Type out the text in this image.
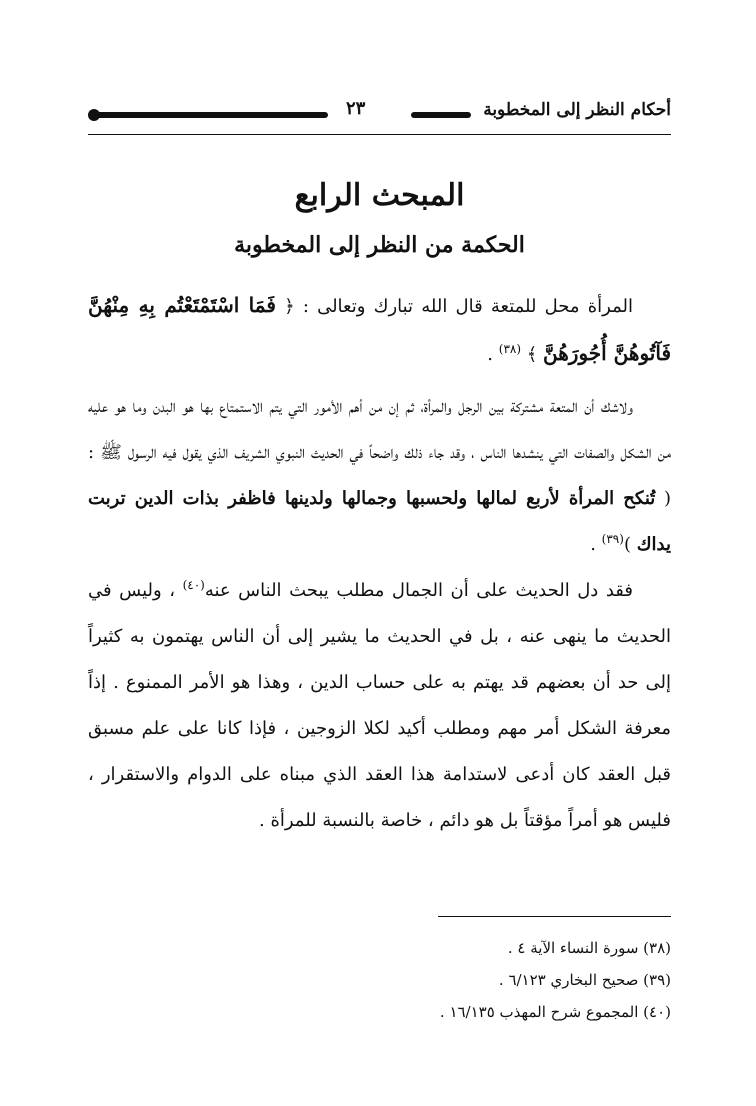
أحكام النظر إلى المخطوبة
٢٣
المبحث الرابع
الحكمة من النظر إلى المخطوبة

المرأة محل للمتعة قال الله تبارك وتعالى : ﴿ فَمَا اسْتَمْتَعْتُم بِهِ مِنْهُنَّ فَآتُوهُنَّ أُجُورَهُنَّ ﴾ $^{(٣٨)}$ .

ولاشك أن المتعة مشتركة بين الرجل والمرأة، ثم إن من أهم الأمور التي يتم الاستمتاع بها هو البدن وما هو عليه من الشكل والصفات التي ينشدها الناس ، وقد جاء ذلك واضحاً في الحديث النبوي الشريف الذي يقول فيه الرسول ﷺ : ( تُنكح المرأة لأربع لمالها ولحسبها وجمالها ولدينها فاظفر بذات الدين تربت يداك )$^{(٣٩)}$ .

فقد دل الحديث على أن الجمال مطلب يبحث الناس عنه$^{(٤٠)}$ ، وليس في الحديث ما ينهى عنه ، بل في الحديث ما يشير إلى أن الناس يهتمون به كثيراً إلى حد أن بعضهم قد يهتم به على حساب الدين ، وهذا هو الأمر الممنوع . إذاً معرفة الشكل أمر مهم ومطلب أكيد لكلا الزوجين ، فإذا كانا على علم مسبق قبل العقد كان أدعى لاستدامة هذا العقد الذي مبناه على الدوام والاستقرار ، فليس هو أمراً مؤقتاً بل هو دائم ، خاصة بالنسبة للمرأة .

(٣٨) سورة النساء الآية ٤ .
(٣٩) صحيح البخاري ٦/١٢٣ .
(٤٠) المجموع شرح المهذب ١٦/١٣٥ .
